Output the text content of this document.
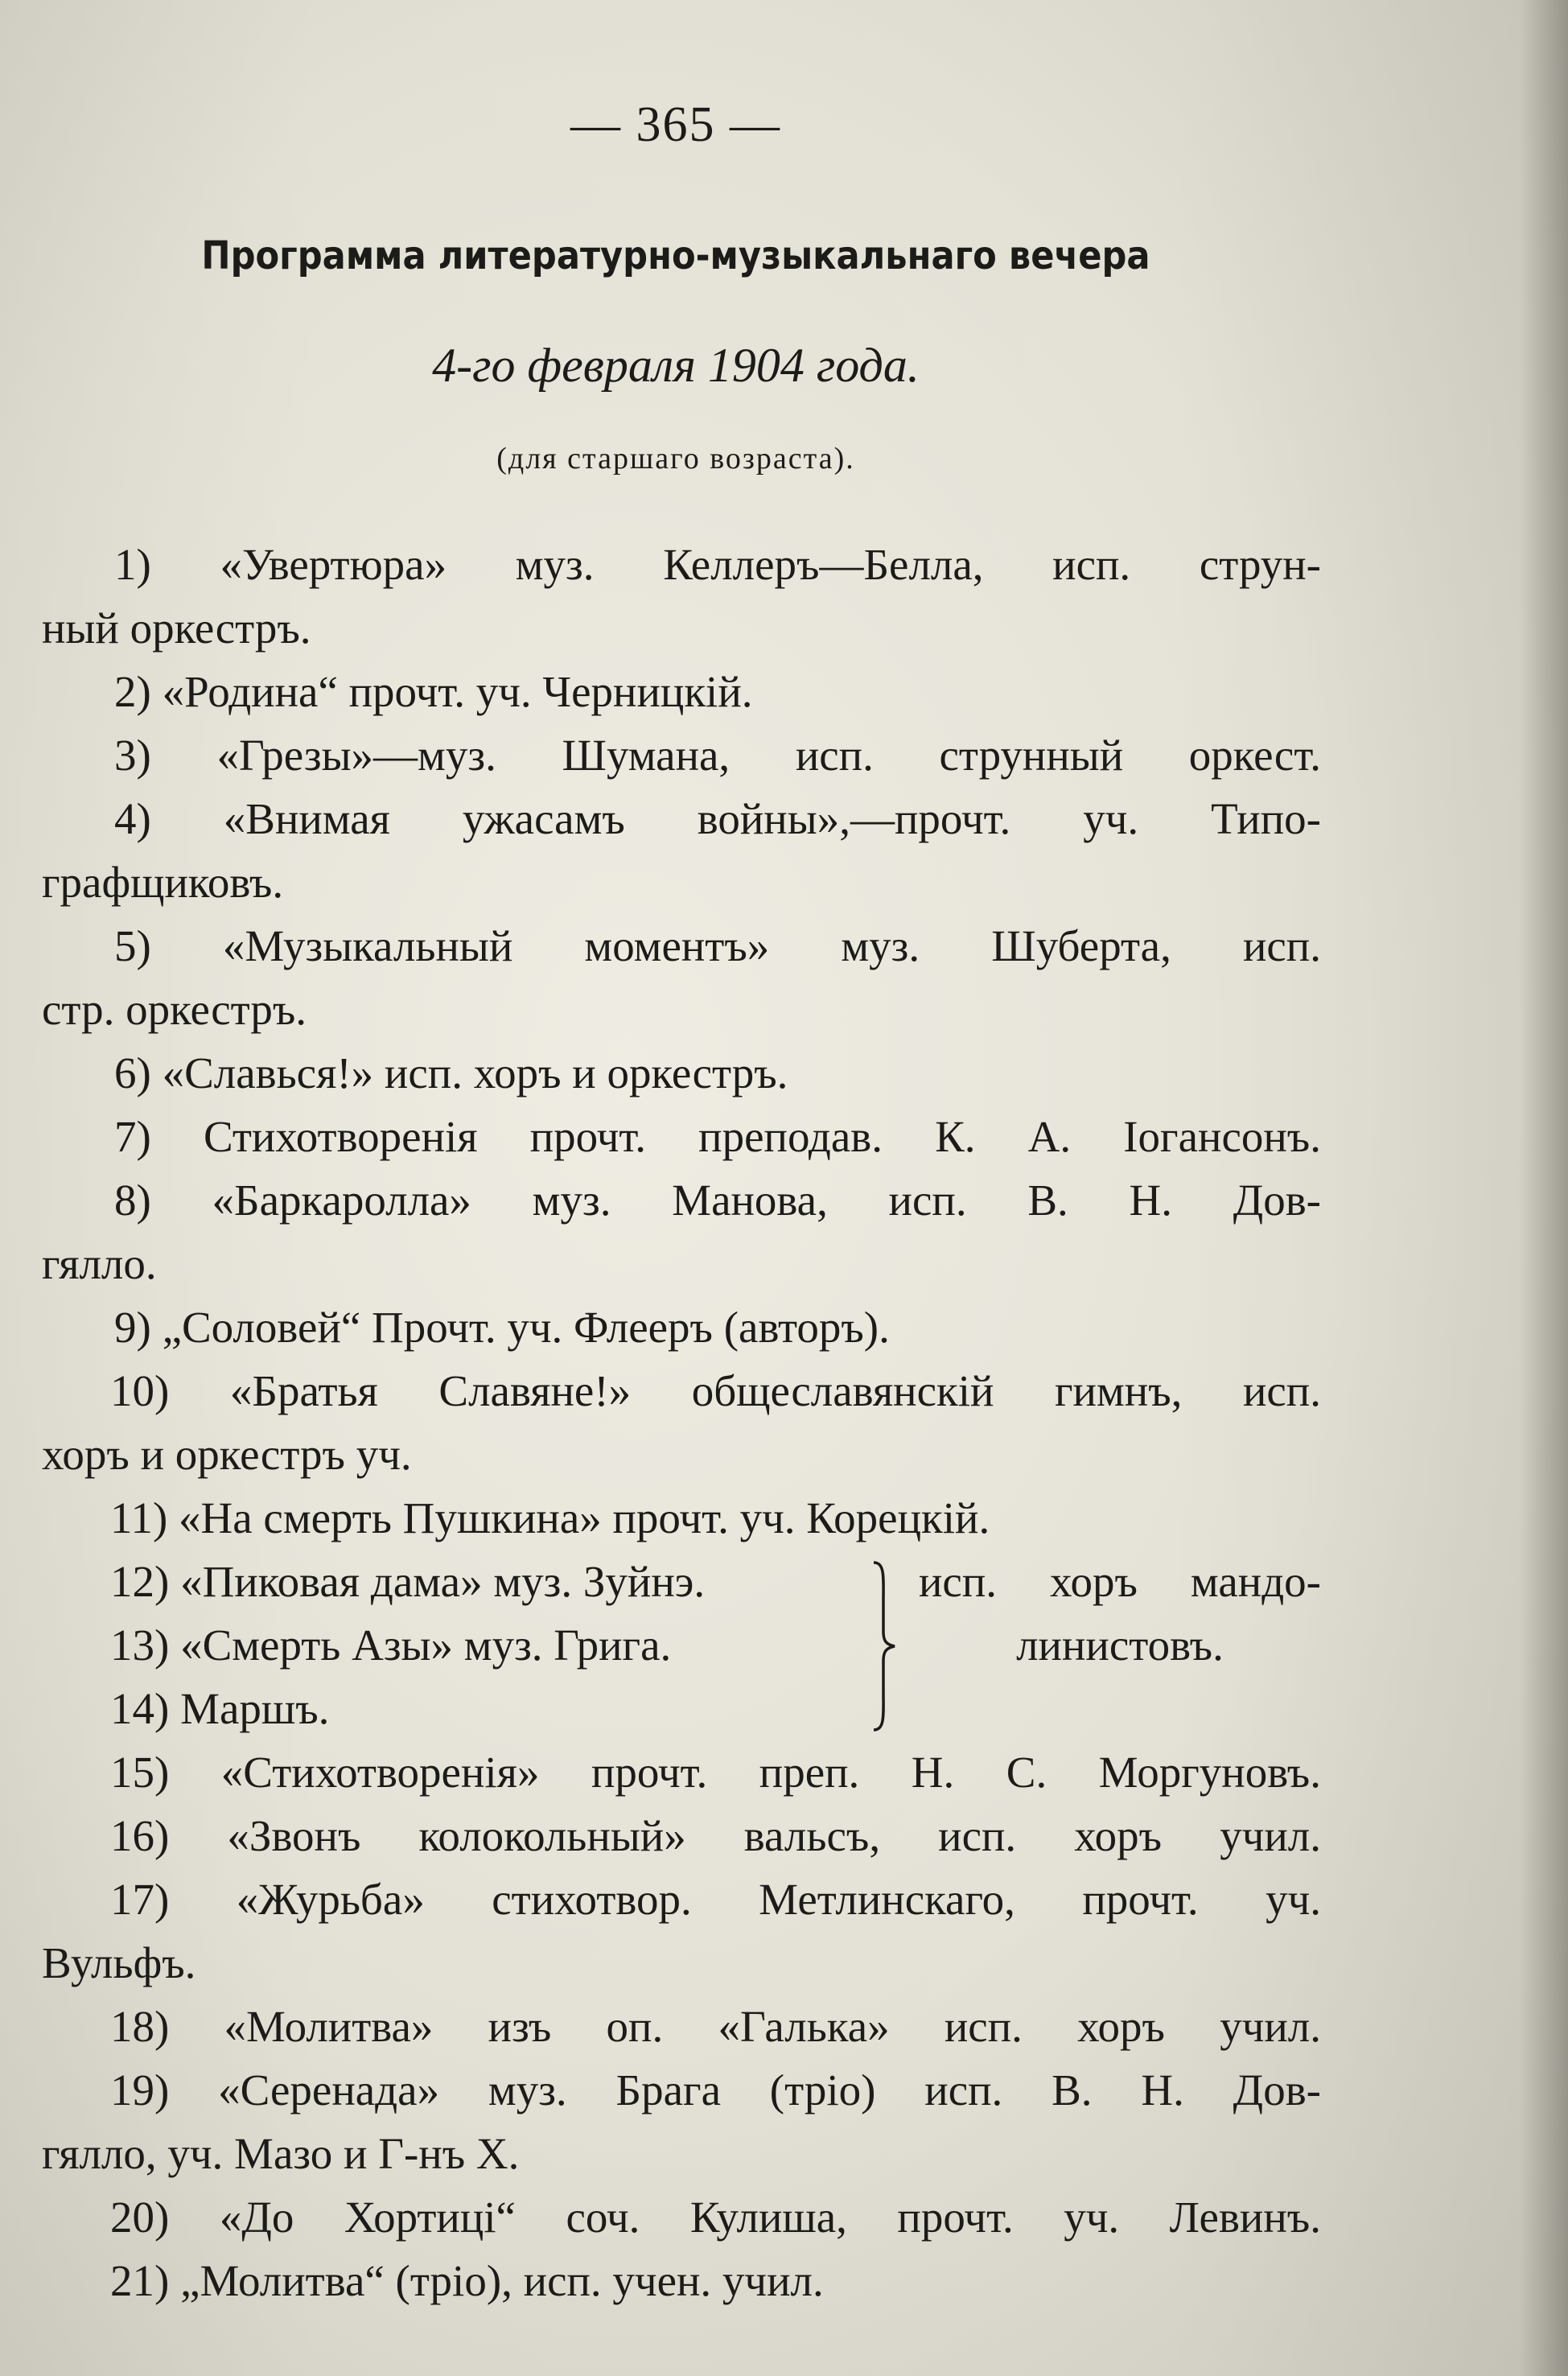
— 365 —
Программа литературно-музыкальнаго вечера
4-го февраля 1904 года.
(для старшаго возраста).
1) «Увертюра» муз. Келлеръ—Белла, исп. струн-
ный оркестръ.
2) «Родина“ прочт. уч. Черницкій.
3) «Грезы»—муз. Шумана, исп. струнный оркест.
4) «Внимая ужасамъ войны»,—прочт. уч. Типо-
графщиковъ.
5) «Музыкальный моментъ» муз. Шуберта, исп.
стр. оркестръ.
6) «Славься!» исп. хоръ и оркестръ.
7) Стихотворенія прочт. преподав. К. А. Іогансонъ.
8) «Баркаролла» муз. Манова, исп. В. Н. Дов-
гялло.
9) „Соловей“ Прочт. уч. Флееръ (авторъ).
10) «Братья Славяне!» общеславянскій гимнъ, исп.
хоръ и оркестръ уч.
11) «На смерть Пушкина» прочт. уч. Корецкій.
12) «Пиковая дама» муз. Зуйнэ.
13) «Смерть Азы» муз. Грига.
14) Маршъ.
исп. хоръ мандо-
линистовъ.
15) «Стихотворенія» прочт. преп. Н. С. Моргуновъ.
16) «Звонъ колокольный» вальсъ, исп. хоръ учил.
17) «Журьба» стихотвор. Метлинскаго, прочт. уч.
Вульфъ.
18) «Молитва» изъ оп. «Галька» исп. хоръ учил.
19) «Серенада» муз. Брага (тріо) исп. В. Н. Дов-
гялло, уч. Мазо и Г-нъ Х.
20) «До Хортиці“ соч. Кулиша, прочт. уч. Левинъ.
21) „Молитва“ (тріо), исп. учен. учил.
